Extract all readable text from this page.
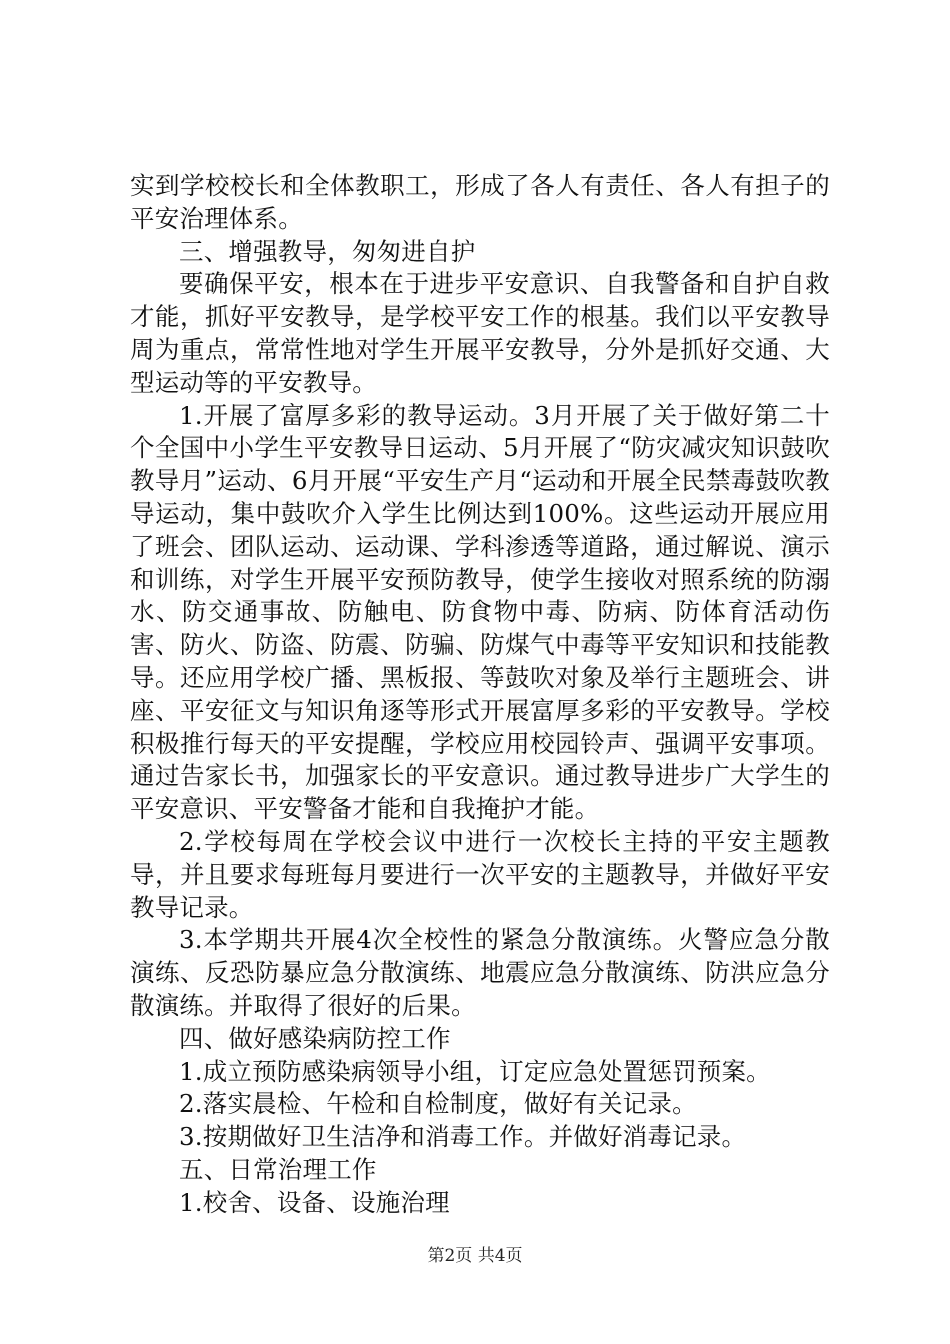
实到学校校长和全体教职工，形成了各人有责任、各人有担子的平安治理体系。

三、增强教导，匆匆进自护

要确保平安，根本在于进步平安意识、自我警备和自护自救才能，抓好平安教导，是学校平安工作的根基。我们以平安教导周为重点，常常性地对学生开展平安教导，分外是抓好交通、大型运动等的平安教导。

1.开展了富厚多彩的教导运动。3月开展了关于做好第二十个全国中小学生平安教导日运动、5月开展了“防灾减灾知识鼓吹教导月”运动、6月开展“平安生产月“运动和开展全民禁毒鼓吹教导运动，集中鼓吹介入学生比例达到100%。这些运动开展应用了班会、团队运动、运动课、学科渗透等道路，通过解说、演示和训练，对学生开展平安预防教导，使学生接收对照系统的防溺水、防交通事故、防触电、防食物中毒、防病、防体育活动伤害、防火、防盗、防震、防骗、防煤气中毒等平安知识和技能教导。还应用学校广播、黑板报、等鼓吹对象及举行主题班会、讲座、平安征文与知识角逐等形式开展富厚多彩的平安教导。学校积极推行每天的平安提醒，学校应用校园铃声、强调平安事项。通过告家长书，加强家长的平安意识。通过教导进步广大学生的平安意识、平安警备才能和自我掩护才能。

2.学校每周在学校会议中进行一次校长主持的平安主题教导，并且要求每班每月要进行一次平安的主题教导，并做好平安教导记录。

3.本学期共开展4次全校性的紧急分散演练。火警应急分散演练、反恐防暴应急分散演练、地震应急分散演练、防洪应急分散演练。并取得了很好的后果。

四、做好感染病防控工作

1.成立预防感染病领导小组，订定应急处置惩罚预案。

2.落实晨检、午检和自检制度，做好有关记录。

3.按期做好卫生洁净和消毒工作。并做好消毒记录。

五、日常治理工作

1.校舍、设备、设施治理

第2页 共4页
